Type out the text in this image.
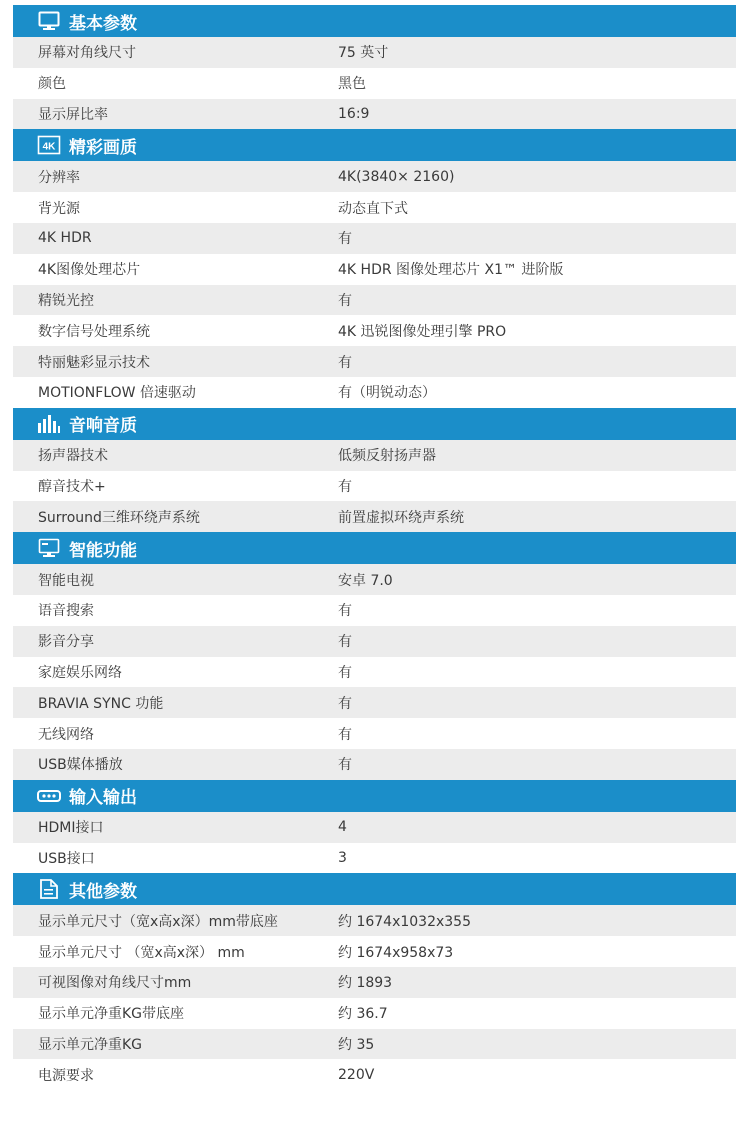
基本参数
屏幕对角线尺寸	75 英寸
颜色	黑色
显示屏比率	16:9
4K 精彩画质
分辨率	4K(3840× 2160)
背光源	动态直下式
4K HDR	有
4K图像处理芯片	4K HDR 图像处理芯片 X1™ 进阶版
精锐光控	有
数字信号处理系统	4K 迅锐图像处理引擎 PRO
特丽魅彩显示技术	有
MOTIONFLOW 倍速驱动	有（明锐动态）
音响音质
扬声器技术	低频反射扬声器
醇音技术+	有
Surround三维环绕声系统	前置虚拟环绕声系统
智能功能
智能电视	安卓 7.0
语音搜索	有
影音分享	有
家庭娱乐网络	有
BRAVIA SYNC 功能	有
无线网络	有
USB媒体播放	有
输入输出
HDMI接口	4
USB接口	3
其他参数
显示单元尺寸（宽x高x深）mm带底座	约 1674x1032x355
显示单元尺寸 （宽x高x深） mm	约 1674x958x73
可视图像对角线尺寸mm	约 1893
显示单元净重KG带底座	约 36.7
显示单元净重KG	约 35
电源要求	220V
